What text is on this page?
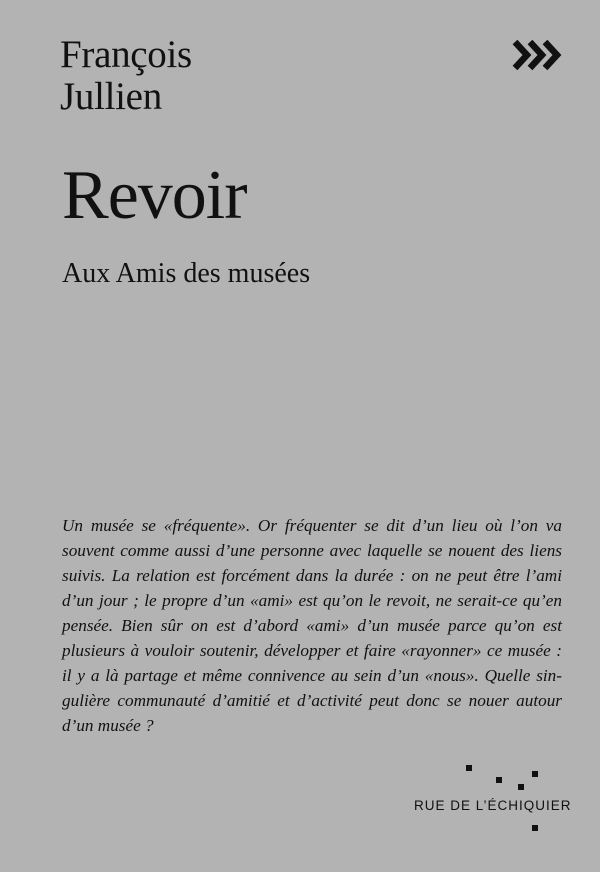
François
Jullien
Revoir
Aux Amis des musées
Un musée se «fréquente». Or fréquenter se dit d’un lieu où l’on va souvent comme aussi d’une personne avec laquelle se nouent des liens suivis. La relation est forcément dans la durée : on ne peut être l’ami d’un jour ; le propre d’un «ami» est qu’on le revoit, ne serait-ce qu’en pensée. Bien sûr on est d’abord «ami» d’un musée parce qu’on est plusieurs à vouloir soutenir, développer et faire «rayonner» ce musée : il y a là partage et même connivence au sein d’un «nous». Quelle singulière communauté d’amitié et d’activité peut donc se nouer autour d’un musée ?
RUE DE L’ÉCHIQUIER
